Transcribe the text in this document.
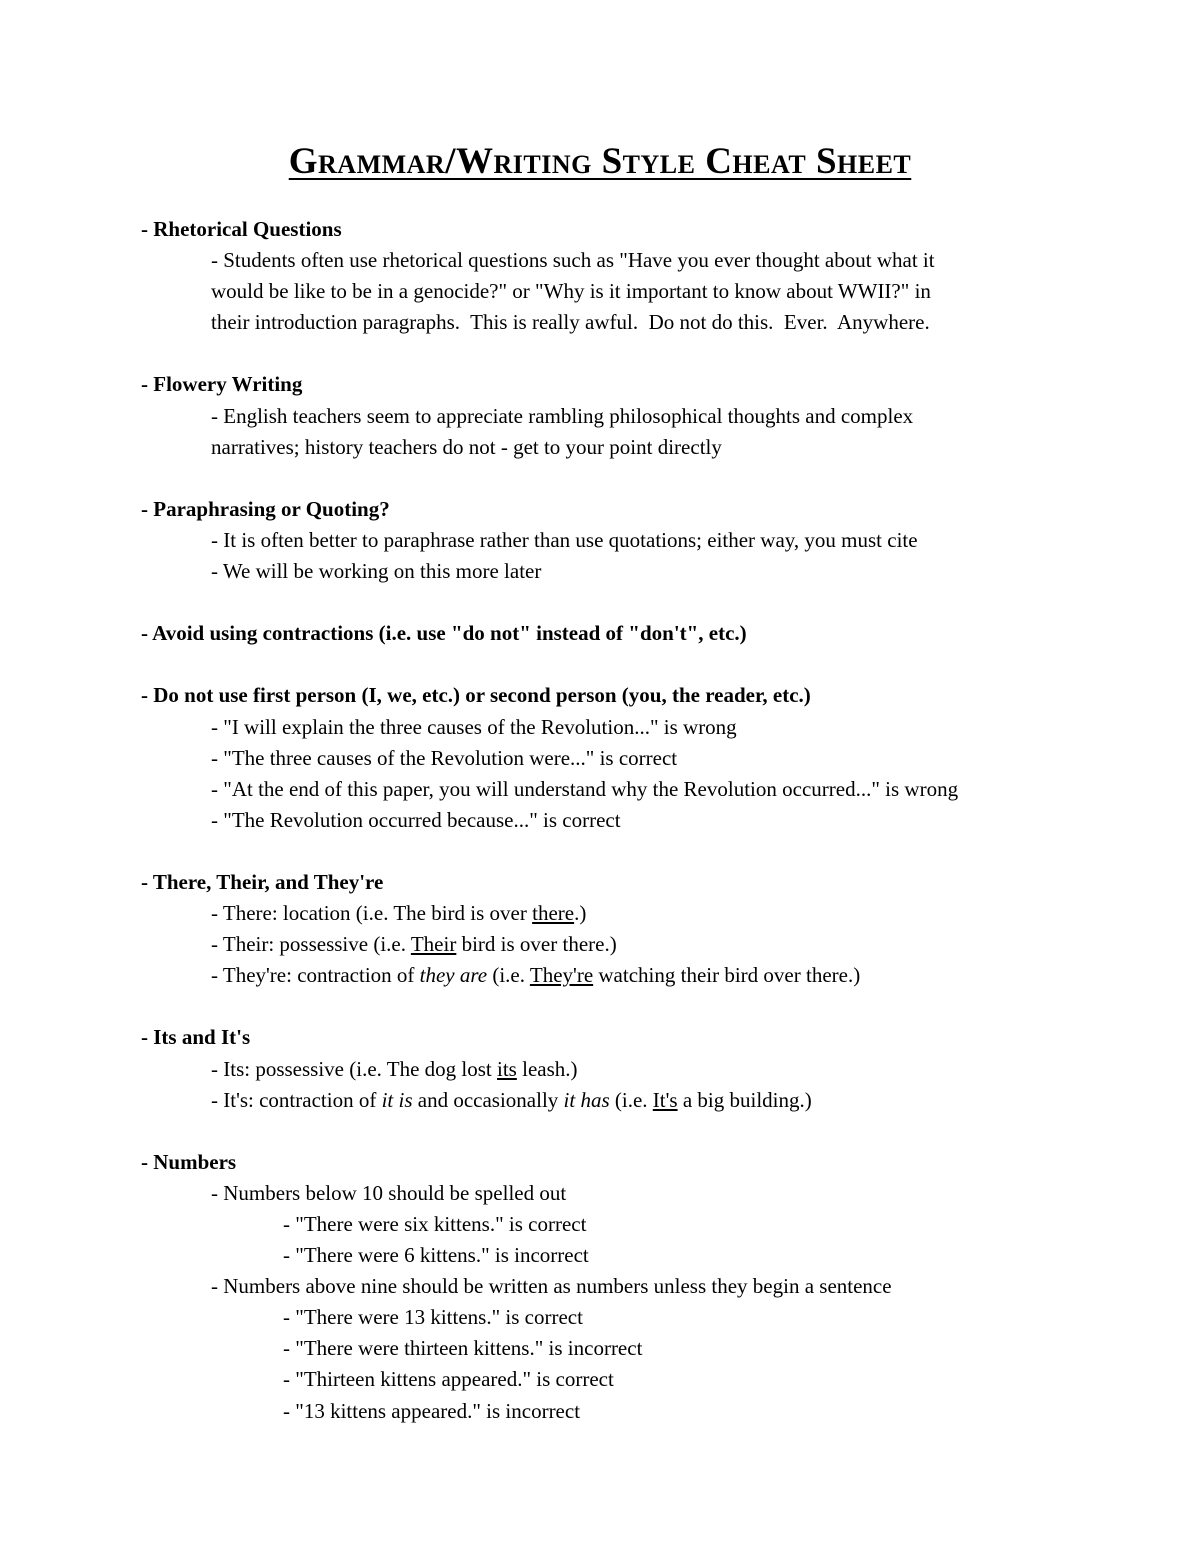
Grammar/Writing Style Cheat Sheet
- Rhetorical Questions
- Students often use rhetorical questions such as "Have you ever thought about what it
would be like to be in a genocide?" or "Why is it important to know about WWII?" in
their introduction paragraphs.  This is really awful.  Do not do this.  Ever.  Anywhere.
- Flowery Writing
- English teachers seem to appreciate rambling philosophical thoughts and complex
narratives; history teachers do not - get to your point directly
- Paraphrasing or Quoting?
- It is often better to paraphrase rather than use quotations; either way, you must cite
- We will be working on this more later
- Avoid using contractions (i.e. use "do not" instead of "don't", etc.)
- Do not use first person (I, we, etc.) or second person (you, the reader, etc.)
- "I will explain the three causes of the Revolution..." is wrong
- "The three causes of the Revolution were..." is correct
- "At the end of this paper, you will understand why the Revolution occurred..." is wrong
- "The Revolution occurred because..." is correct
- There, Their, and They're
- There: location (i.e. The bird is over there.)
- Their: possessive (i.e. Their bird is over there.)
- They're: contraction of they are (i.e. They're watching their bird over there.)
- Its and It's
- Its: possessive (i.e. The dog lost its leash.)
- It's: contraction of it is and occasionally it has (i.e. It's a big building.)
- Numbers
- Numbers below 10 should be spelled out
- "There were six kittens." is correct
- "There were 6 kittens." is incorrect
- Numbers above nine should be written as numbers unless they begin a sentence
- "There were 13 kittens." is correct
- "There were thirteen kittens." is incorrect
- "Thirteen kittens appeared." is correct
- "13 kittens appeared." is incorrect
